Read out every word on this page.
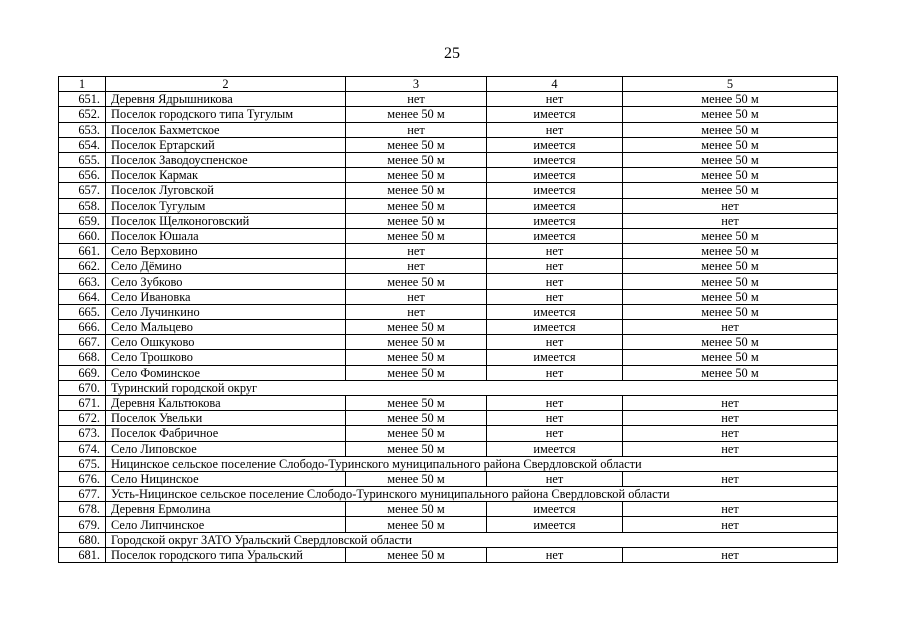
25
1	2	3	4	5
651.	Деревня Ядрышникова	нет	нет	менее 50 м
652.	Поселок городского типа Тугулым	менее 50 м	имеется	менее 50 м
653.	Поселок Бахметское	нет	нет	менее 50 м
654.	Поселок Ертарский	менее 50 м	имеется	менее 50 м
655.	Поселок Заводоуспенское	менее 50 м	имеется	менее 50 м
656.	Поселок Кармак	менее 50 м	имеется	менее 50 м
657.	Поселок Луговской	менее 50 м	имеется	менее 50 м
658.	Поселок Тугулым	менее 50 м	имеется	нет
659.	Поселок Щелконоговский	менее 50 м	имеется	нет
660.	Поселок Юшала	менее 50 м	имеется	менее 50 м
661.	Село Верховино	нет	нет	менее 50 м
662.	Село Дёмино	нет	нет	менее 50 м
663.	Село Зубково	менее 50 м	нет	менее 50 м
664.	Село Ивановка	нет	нет	менее 50 м
665.	Село Лучинкино	нет	имеется	менее 50 м
666.	Село Мальцево	менее 50 м	имеется	нет
667.	Село Ошкуково	менее 50 м	нет	менее 50 м
668.	Село Трошково	менее 50 м	имеется	менее 50 м
669.	Село Фоминское	менее 50 м	нет	менее 50 м
670.	Туринский городской округ			
671.	Деревня Кальтюкова	менее 50 м	нет	нет
672.	Поселок Увельки	менее 50 м	нет	нет
673.	Поселок Фабричное	менее 50 м	нет	нет
674.	Село Липовское	менее 50 м	имеется	нет
675.	Ницинское сельское поселение Слободо-Туринского муниципального района Свердловской области			
676.	Село Ницинское	менее 50 м	нет	нет
677.	Усть-Ницинское сельское поселение Слободо-Туринского муниципального района Свердловской области			
678.	Деревня Ермолина	менее 50 м	имеется	нет
679.	Село Липчинское	менее 50 м	имеется	нет
680.	Городской округ ЗАТО Уральский Свердловской области			
681.	Поселок городского типа Уральский	менее 50 м	нет	нет
